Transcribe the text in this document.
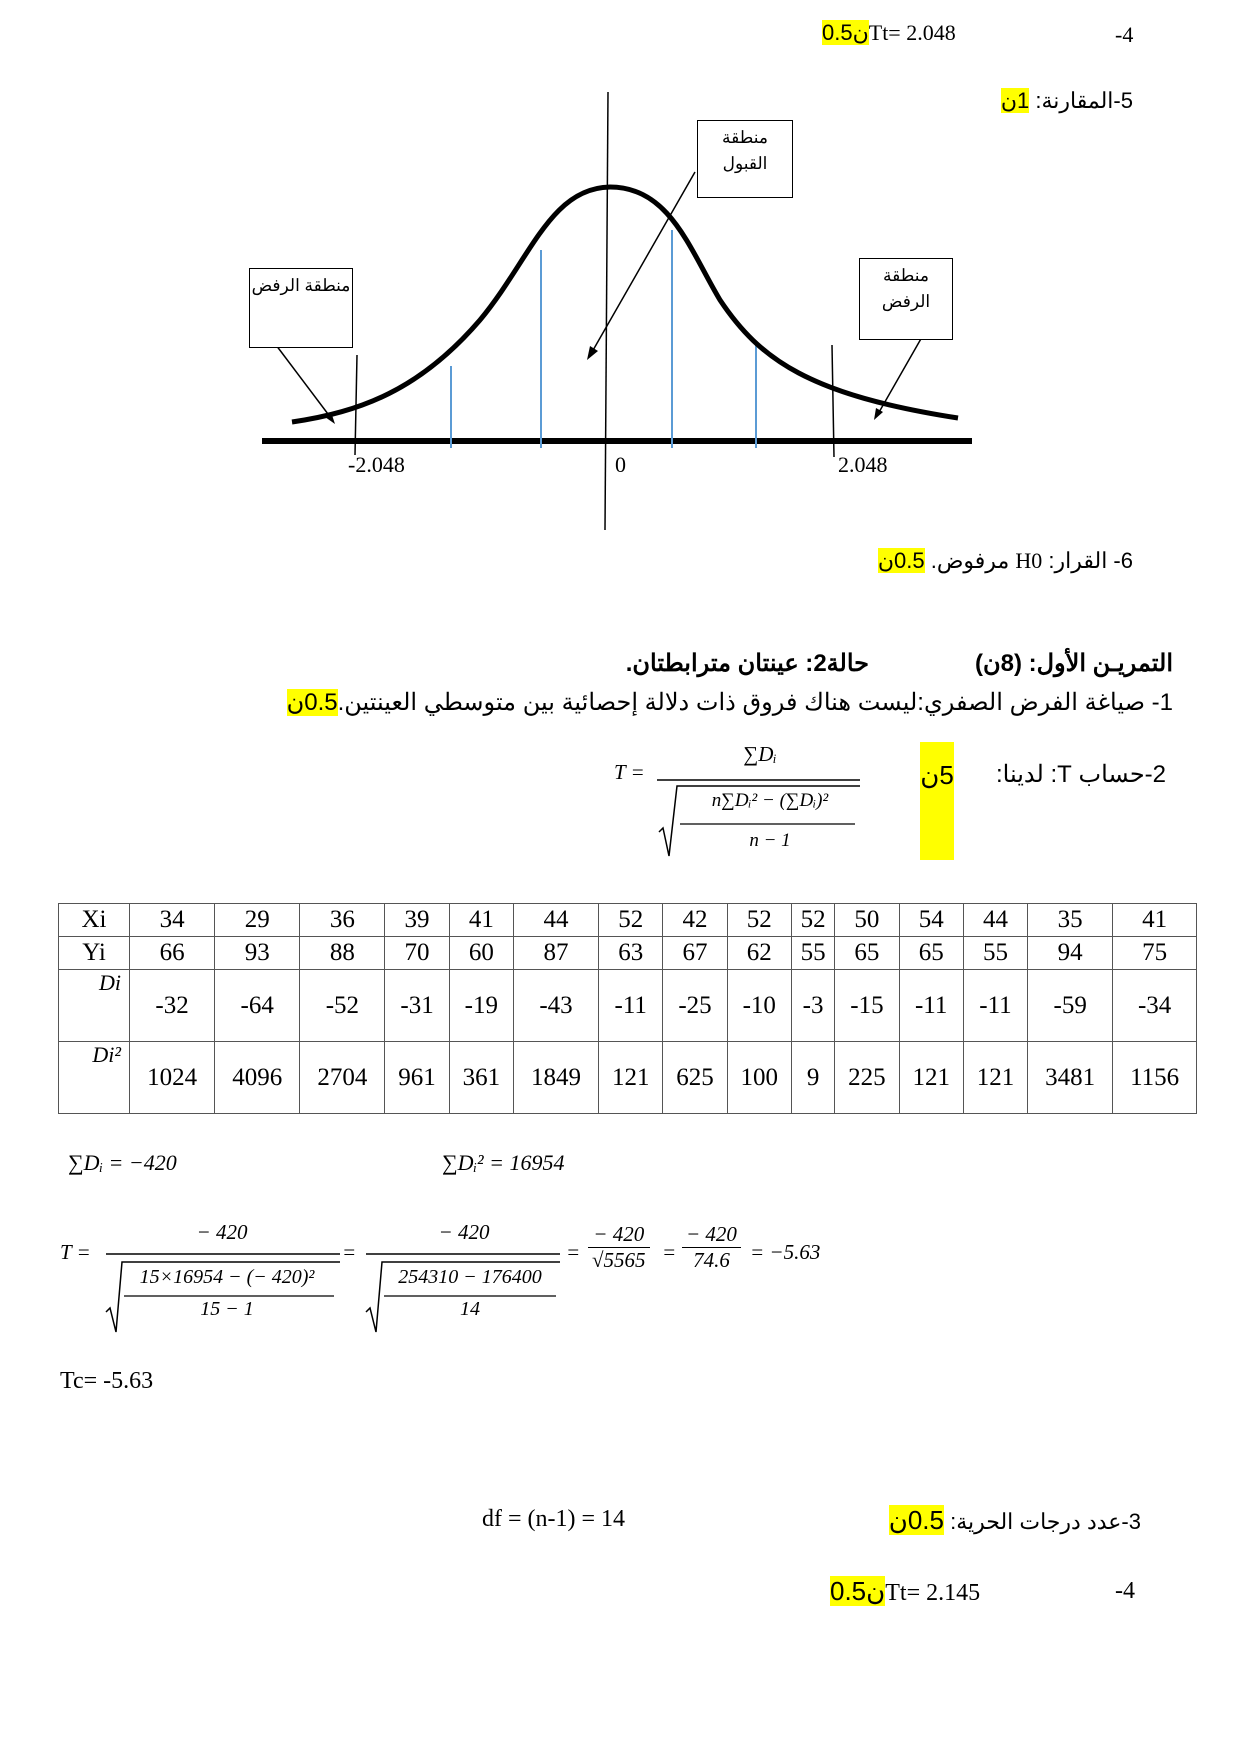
-4
0.5نTt= 2.048
5-المقارنة: 1ن
منطقة القبول
منطقة الرفض
منطقة الرفض
-2.048	0	2.048
6- القرار: H0 مرفوض. 0.5ن
التمريـن الأول: (8ن)
حالة2: عينتان مترابطتان.
1- صياغة الفرض الصفري:ليست هناك فروق ذات دلالة إحصائية بين متوسطي العينتين.0.5ن
2-حساب T: لدينا:
5ن
T =
∑Dᵢ
n∑Dᵢ² − (∑Dᵢ)²
n − 1
Xi	34	29	36	39	41	44	52	42	52	52	50	54	44	35	41
Yi	66	93	88	70	60	87	63	67	62	55	65	65	55	94	75
Di	-32	-64	-52	-31	-19	-43	-11	-25	-10	-3	-15	-11	-11	-59	-34
Di²	1024	4096	2704	961	361	1849	121	625	100	9	225	121	121	3481	1156
∑Dᵢ = −420	∑Dᵢ² = 16954
T =
− 420
15×16954 − (− 420)²
15 − 1
=
− 420
254310 − 176400
14
= $\frac{- 420}{√5565} = \frac{- 420}{74.6} = -5.63$
Tc= -5.63
3-عدد درجات الحرية: 0.5ن
df = (n-1) = 14
-4
0.5نTt= 2.145
